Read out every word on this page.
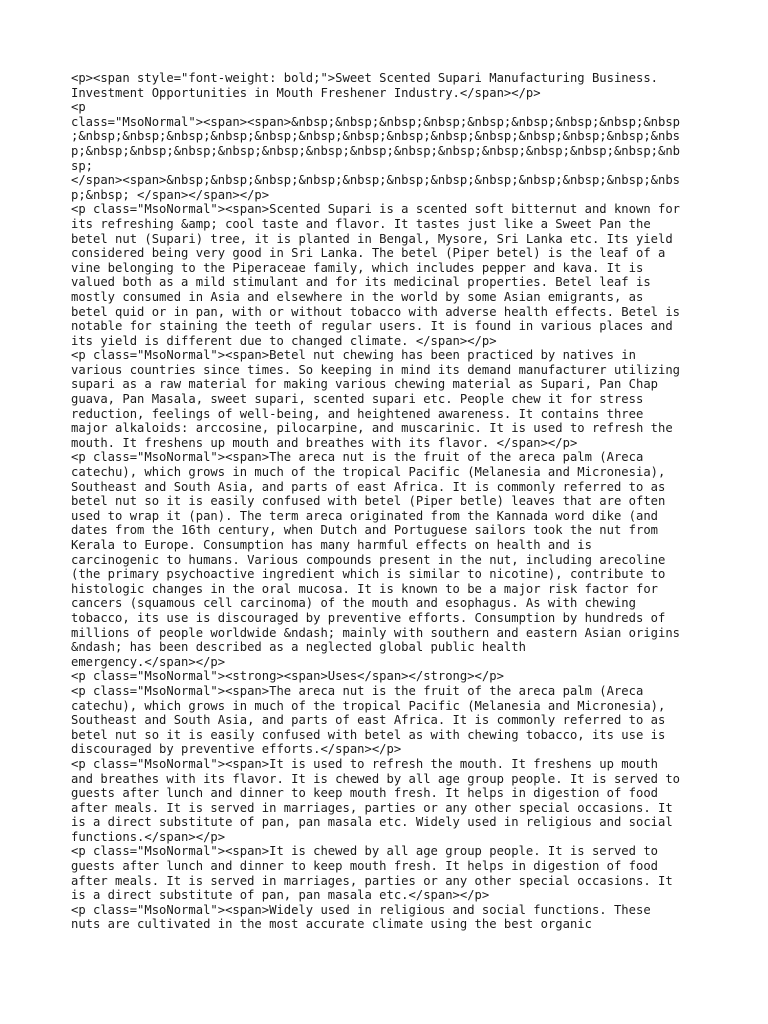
<p><span style="font-weight: bold;">Sweet Scented Supari Manufacturing Business.
Investment Opportunities in Mouth Freshener Industry.</span></p>
<p
class="MsoNormal"><span><span>&nbsp;&nbsp;&nbsp;&nbsp;&nbsp;&nbsp;&nbsp;&nbsp;&nbsp
;&nbsp;&nbsp;&nbsp;&nbsp;&nbsp;&nbsp;&nbsp;&nbsp;&nbsp;&nbsp;&nbsp;&nbsp;&nbsp;&nbs
p;&nbsp;&nbsp;&nbsp;&nbsp;&nbsp;&nbsp;&nbsp;&nbsp;&nbsp;&nbsp;&nbsp;&nbsp;&nbsp;&nb
sp;
</span><span>&nbsp;&nbsp;&nbsp;&nbsp;&nbsp;&nbsp;&nbsp;&nbsp;&nbsp;&nbsp;&nbsp;&nbs
p;&nbsp; </span></span></p>
<p class="MsoNormal"><span>Scented Supari is a scented soft bitternut and known for
its refreshing &amp; cool taste and flavor. It tastes just like a Sweet Pan the
betel nut (Supari) tree, it is planted in Bengal, Mysore, Sri Lanka etc. Its yield
considered being very good in Sri Lanka. The betel (Piper betel) is the leaf of a
vine belonging to the Piperaceae family, which includes pepper and kava. It is
valued both as a mild stimulant and for its medicinal properties. Betel leaf is
mostly consumed in Asia and elsewhere in the world by some Asian emigrants, as
betel quid or in pan, with or without tobacco with adverse health effects. Betel is
notable for staining the teeth of regular users. It is found in various places and
its yield is different due to changed climate. </span></p>
<p class="MsoNormal"><span>Betel nut chewing has been practiced by natives in
various countries since times. So keeping in mind its demand manufacturer utilizing
supari as a raw material for making various chewing material as Supari, Pan Chap
guava, Pan Masala, sweet supari, scented supari etc. People chew it for stress
reduction, feelings of well-being, and heightened awareness. It contains three
major alkaloids: arccosine, pilocarpine, and muscarinic. It is used to refresh the
mouth. It freshens up mouth and breathes with its flavor. </span></p>
<p class="MsoNormal"><span>The areca nut is the fruit of the areca palm (Areca
catechu), which grows in much of the tropical Pacific (Melanesia and Micronesia),
Southeast and South Asia, and parts of east Africa. It is commonly referred to as
betel nut so it is easily confused with betel (Piper betle) leaves that are often
used to wrap it (pan). The term areca originated from the Kannada word dike (and
dates from the 16th century, when Dutch and Portuguese sailors took the nut from
Kerala to Europe. Consumption has many harmful effects on health and is
carcinogenic to humans. Various compounds present in the nut, including arecoline
(the primary psychoactive ingredient which is similar to nicotine), contribute to
histologic changes in the oral mucosa. It is known to be a major risk factor for
cancers (squamous cell carcinoma) of the mouth and esophagus. As with chewing
tobacco, its use is discouraged by preventive efforts. Consumption by hundreds of
millions of people worldwide &ndash; mainly with southern and eastern Asian origins
&ndash; has been described as a neglected global public health
emergency.</span></p>
<p class="MsoNormal"><strong><span>Uses</span></strong></p>
<p class="MsoNormal"><span>The areca nut is the fruit of the areca palm (Areca
catechu), which grows in much of the tropical Pacific (Melanesia and Micronesia),
Southeast and South Asia, and parts of east Africa. It is commonly referred to as
betel nut so it is easily confused with betel as with chewing tobacco, its use is
discouraged by preventive efforts.</span></p>
<p class="MsoNormal"><span>It is used to refresh the mouth. It freshens up mouth
and breathes with its flavor. It is chewed by all age group people. It is served to
guests after lunch and dinner to keep mouth fresh. It helps in digestion of food
after meals. It is served in marriages, parties or any other special occasions. It
is a direct substitute of pan, pan masala etc. Widely used in religious and social
functions.</span></p>
<p class="MsoNormal"><span>It is chewed by all age group people. It is served to
guests after lunch and dinner to keep mouth fresh. It helps in digestion of food
after meals. It is served in marriages, parties or any other special occasions. It
is a direct substitute of pan, pan masala etc.</span></p>
<p class="MsoNormal"><span>Widely used in religious and social functions. These
nuts are cultivated in the most accurate climate using the best organic
